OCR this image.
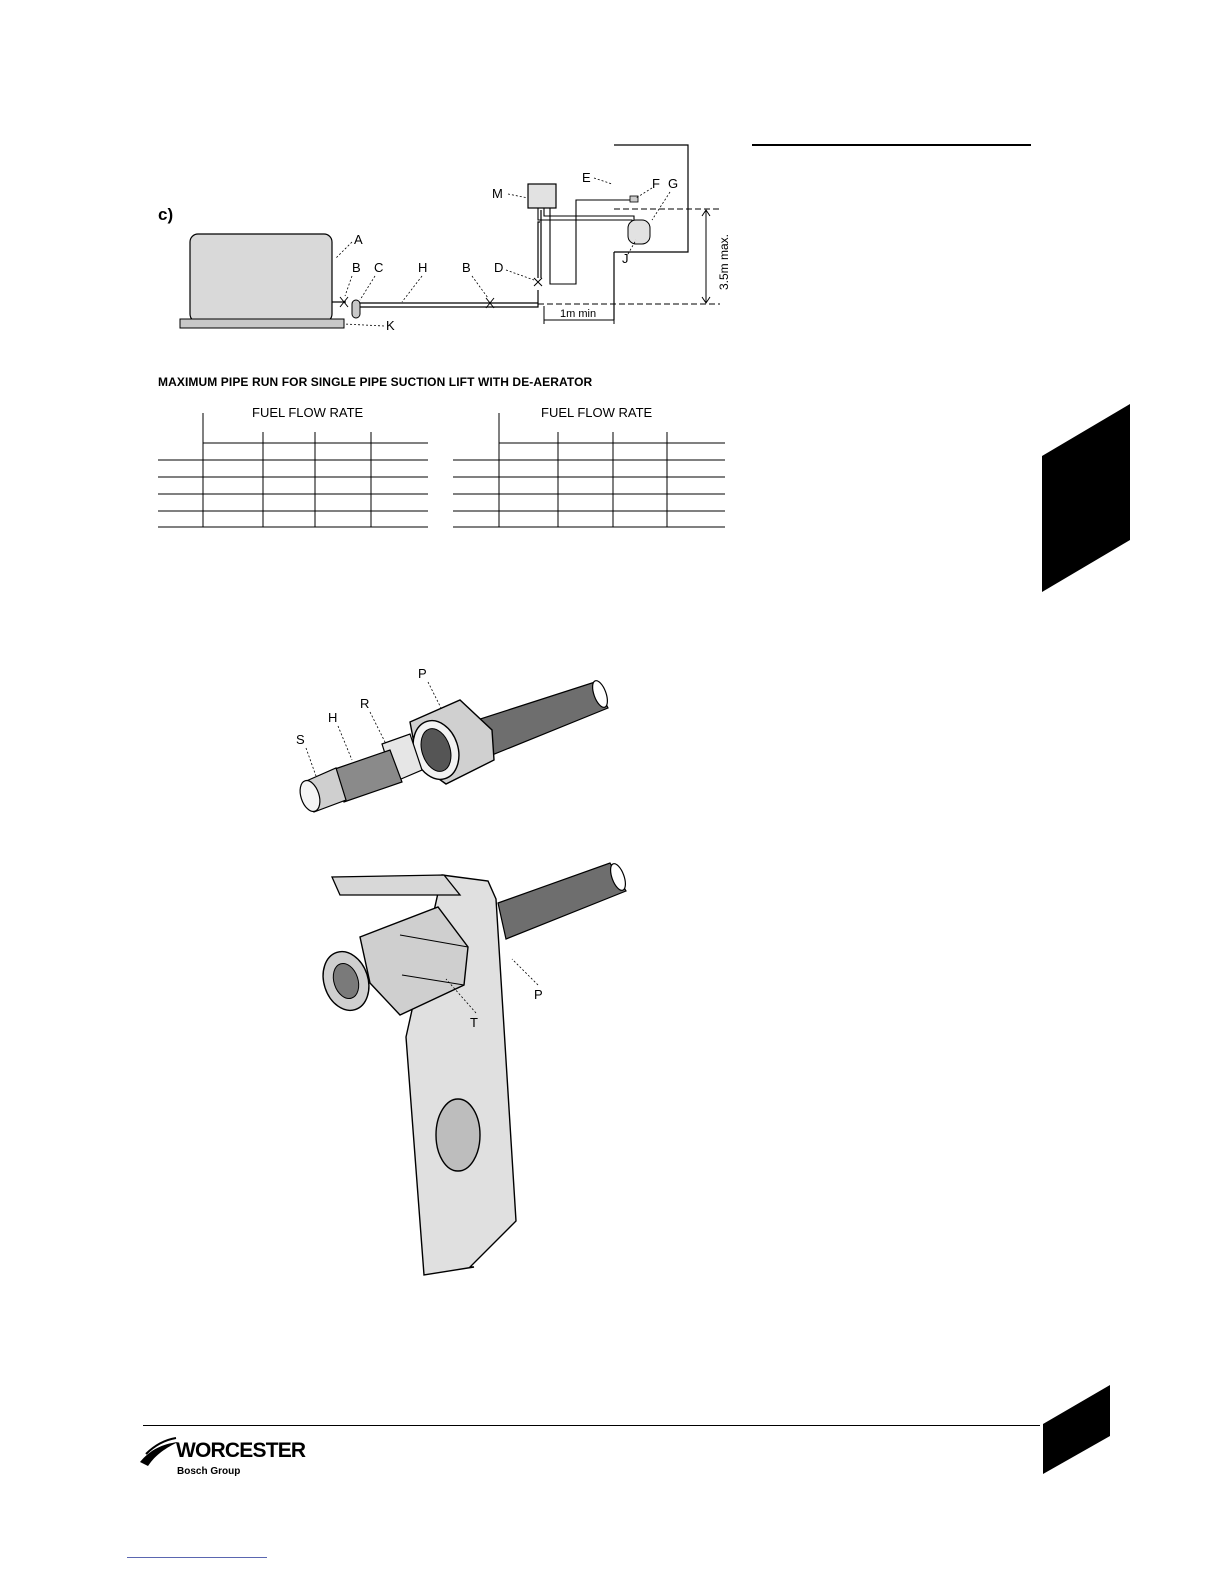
c)
3.5m max.
1m min
A
B C	H	B D
E	F G
J
K
M
MAXIMUM PIPE RUN FOR SINGLE PIPE SUCTION LIFT WITH DE-AERATOR
FUEL FLOW RATE	FUEL FLOW RATE
P
R
H
S
T
P
WORCESTER
Bosch Group
